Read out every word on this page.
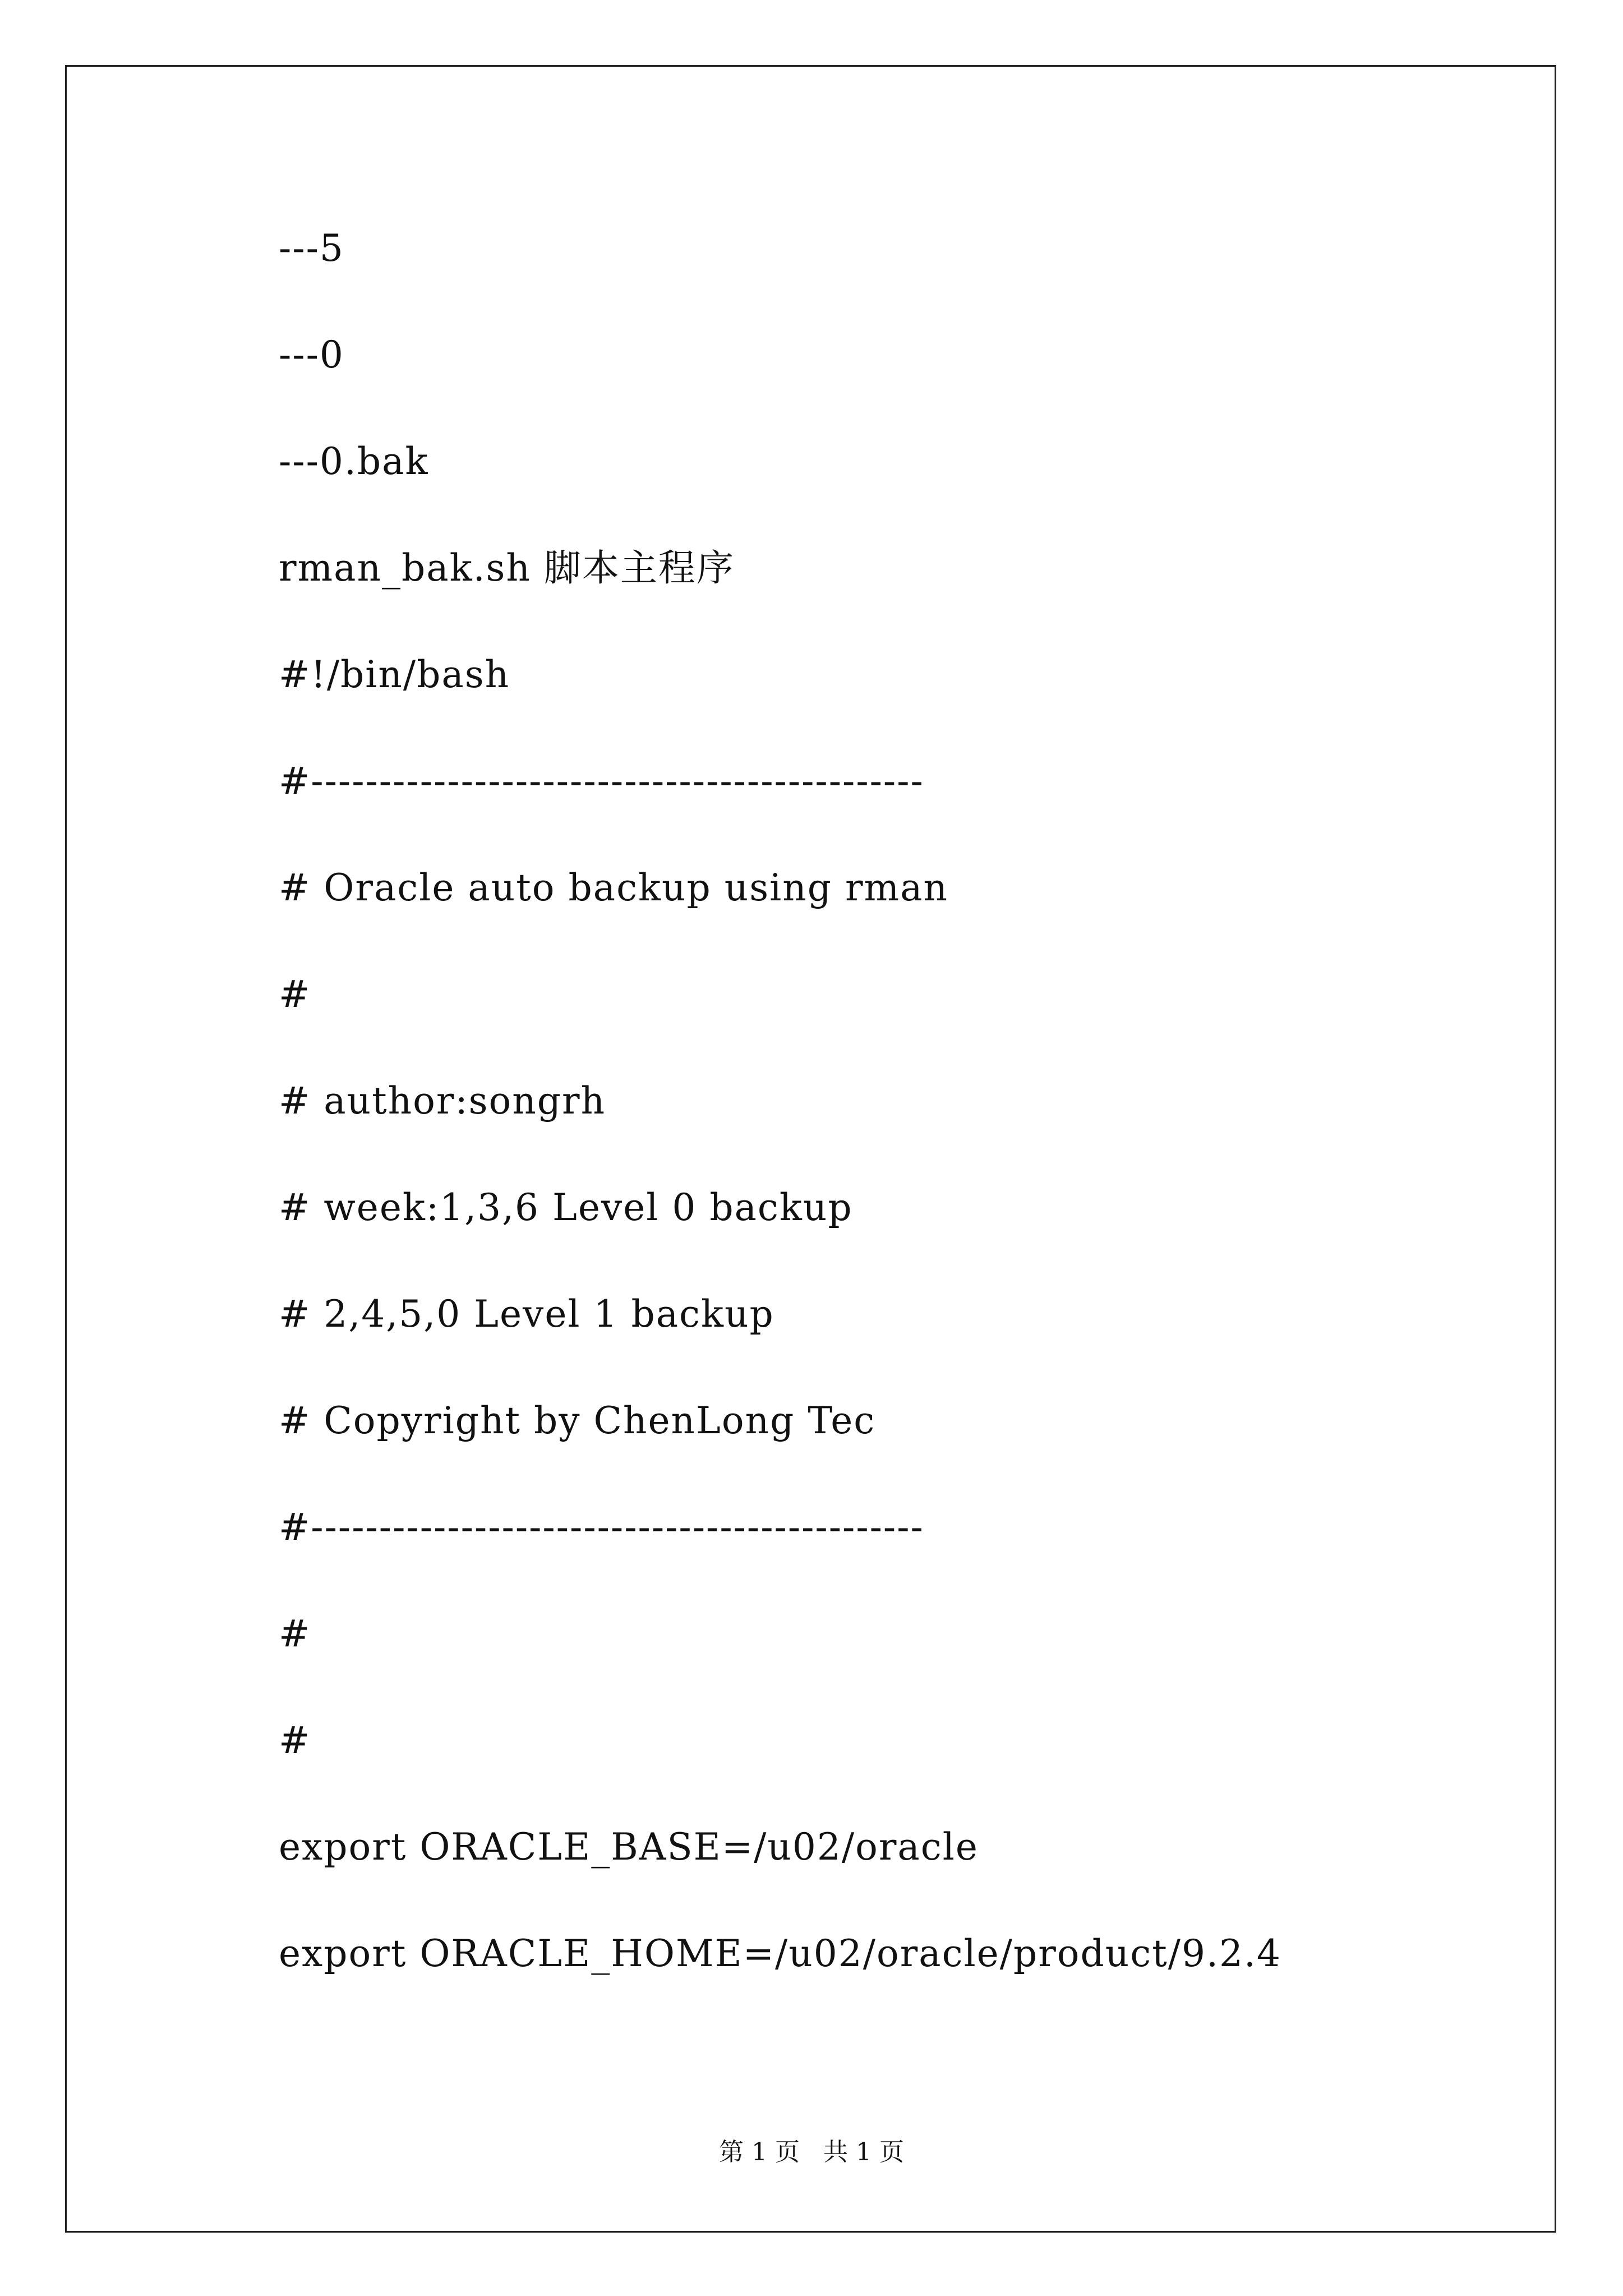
---5
---0
---0.bak
rman_bak.sh 脚本主程序
#!/bin/bash
#---------------------------------------------
# Oracle auto backup using rman
#
# author:songrh
# week:1,3,6 Level 0 backup
# 2,4,5,0 Level 1 backup
# Copyright by ChenLong Tec
#---------------------------------------------
#
#
export ORACLE_BASE=/u02/oracle
export ORACLE_HOME=/u02/oracle/product/9.2.4
第 1 页   共 1 页
